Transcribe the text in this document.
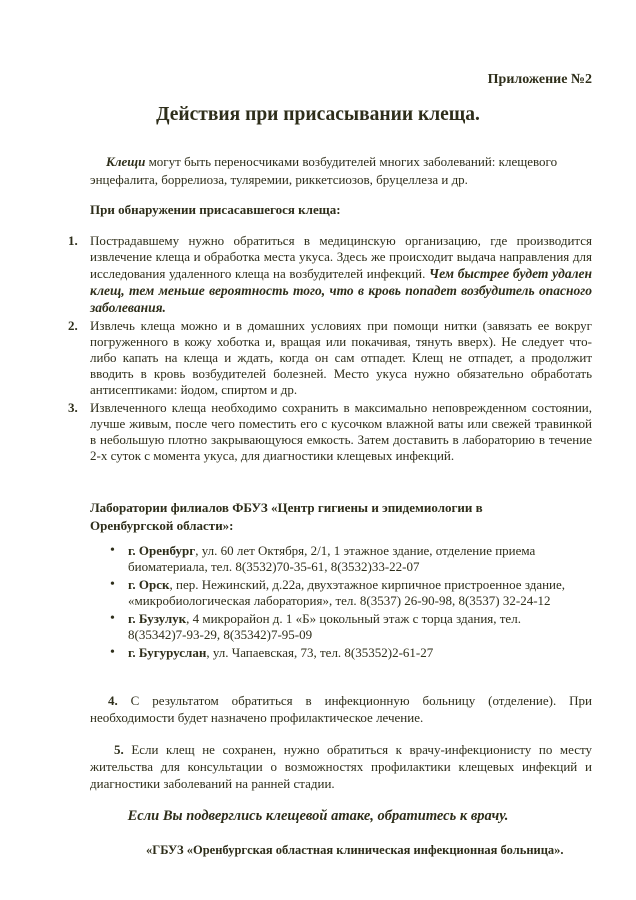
Приложение №2
Действия при присасывании клеща.
Клещи могут быть переносчиками возбудителей многих заболеваний: клещевого энцефалита, боррелиоза, туляремии, риккетсиозов, бруцеллеза и др.
При обнаружении присасавшегося клеща:
1. Пострадавшему нужно обратиться в медицинскую организацию, где производится извлечение клеща и обработка места укуса. Здесь же происходит выдача направления для исследования удаленного клеща на возбудителей инфекций. Чем быстрее будет удален клещ, тем меньше вероятность того, что в кровь попадет возбудитель опасного заболевания.
2. Извлечь клеща можно и в домашних условиях при помощи нитки (завязать ее вокруг погруженного в кожу хоботка и, вращая или покачивая, тянуть вверх). Не следует что-либо капать на клеща и ждать, когда он сам отпадет. Клещ не отпадет, а продолжит вводить в кровь возбудителей болезней. Место укуса нужно обязательно обработать антисептиками: йодом, спиртом и др.
3. Извлеченного клеща необходимо сохранить в максимально неповрежденном состоянии, лучше живым, после чего поместить его с кусочком влажной ваты или свежей травинкой в небольшую плотно закрывающуюся емкость. Затем доставить в лабораторию в течение 2-х суток с момента укуса, для диагностики клещевых инфекций.
Лаборатории филиалов ФБУЗ «Центр гигиены и эпидемиологии в Оренбургской области»:
• г. Оренбург, ул. 60 лет Октября, 2/1, 1 этажное здание, отделение приема биоматериала, тел. 8(3532)70-35-61, 8(3532)33-22-07
• г. Орск, пер. Нежинский, д.22а, двухэтажное кирпичное пристроенное здание, «микробиологическая лаборатория», тел. 8(3537) 26-90-98, 8(3537) 32-24-12
• г. Бузулук, 4 микрорайон д. 1 «Б» цокольный этаж с торца здания, тел. 8(35342)7-93-29, 8(35342)7-95-09
• г. Бугуруслан, ул. Чапаевская, 73, тел. 8(35352)2-61-27
4. С результатом обратиться в инфекционную больницу (отделение). При необходимости будет назначено профилактическое лечение.
5. Если клещ не сохранен, нужно обратиться к врачу-инфекционисту по месту жительства для консультации о возможностях профилактики клещевых инфекций и диагностики заболеваний на ранней стадии.
Если Вы подверглись клещевой атаке, обратитесь к врачу.
«ГБУЗ «Оренбургская областная клиническая инфекционная больница».
